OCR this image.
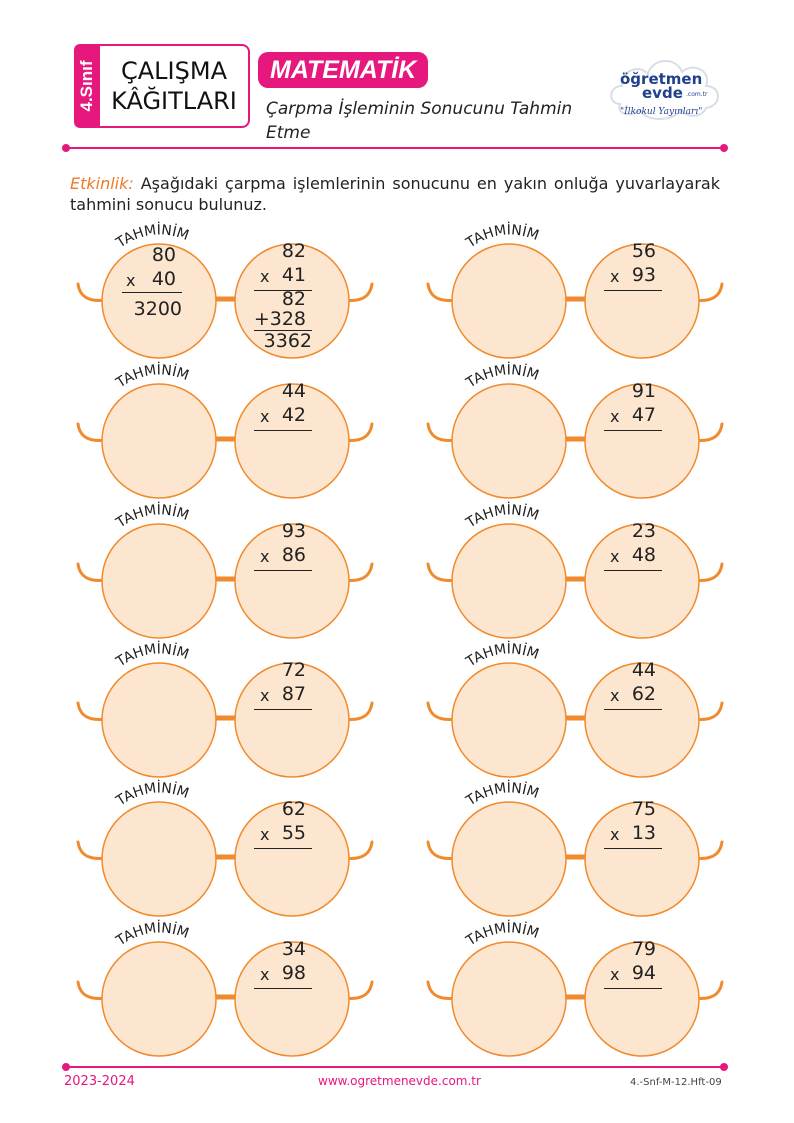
4.Sınıf ÇALIŞMA
KÂĞITLARI
MATEMATİK
Çarpma İşleminin Sonucunu Tahmin Etme
öğretmen
evde .com.tr
"İlkokul Yayınları"
Etkinlik: Aşağıdaki çarpma işlemlerinin sonucunu en yakın onluğa yuvarlayarak tahmini sonucu bulunuz.
TAHMİNİM
82
x 41
80
x 40
3200	82
+328
3362
TAHMİNİM
56
x 93
TAHMİNİM
44
x 42
TAHMİNİM
91
x 47
TAHMİNİM
93
x 86
TAHMİNİM
23
x 48
TAHMİNİM
72
x 87
TAHMİNİM
44
x 62
TAHMİNİM
62
x 55
TAHMİNİM
75
x 13
TAHMİNİM
34
x 98
TAHMİNİM
79
x 94
2023-2024	www.ogretmenevde.com.tr	4.-Snf-M-12.Hft-09
